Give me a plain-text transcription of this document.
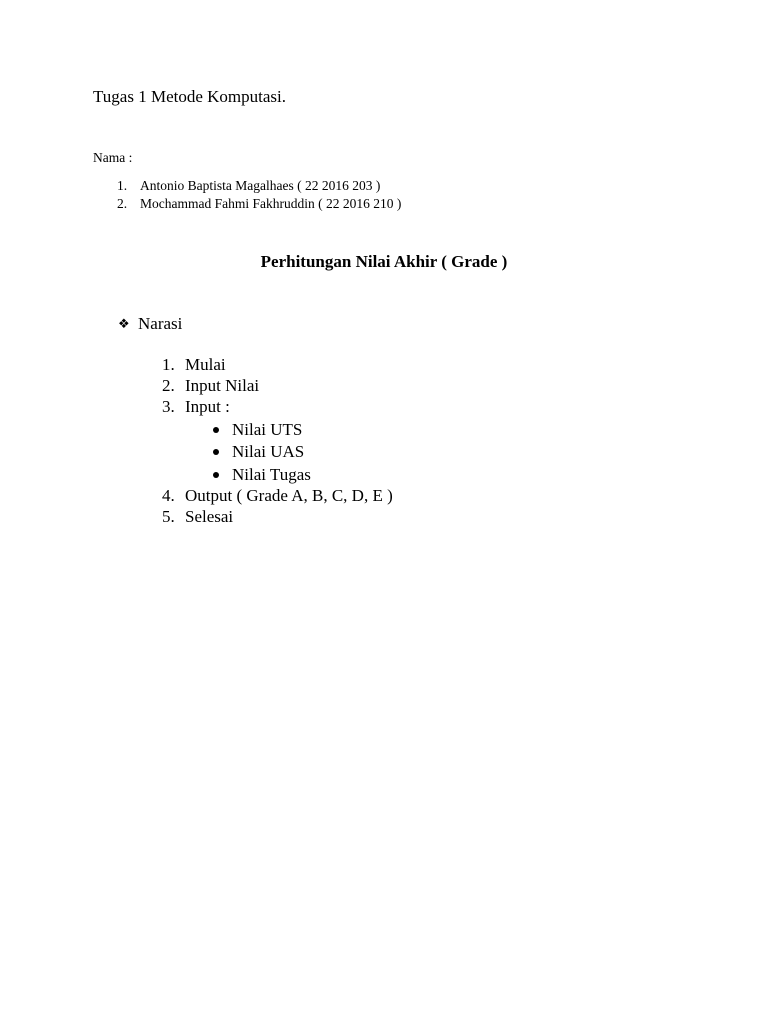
Tugas 1 Metode Komputasi.
Nama :
1. Antonio Baptista Magalhaes ( 22 2016 203 )
2. Mochammad Fahmi Fakhruddin ( 22 2016 210 )
Perhitungan Nilai Akhir ( Grade )
❖ Narasi
1. Mulai
2. Input Nilai
3. Input :
Nilai UTS
Nilai UAS
Nilai Tugas
4. Output ( Grade A, B, C, D, E )
5. Selesai
